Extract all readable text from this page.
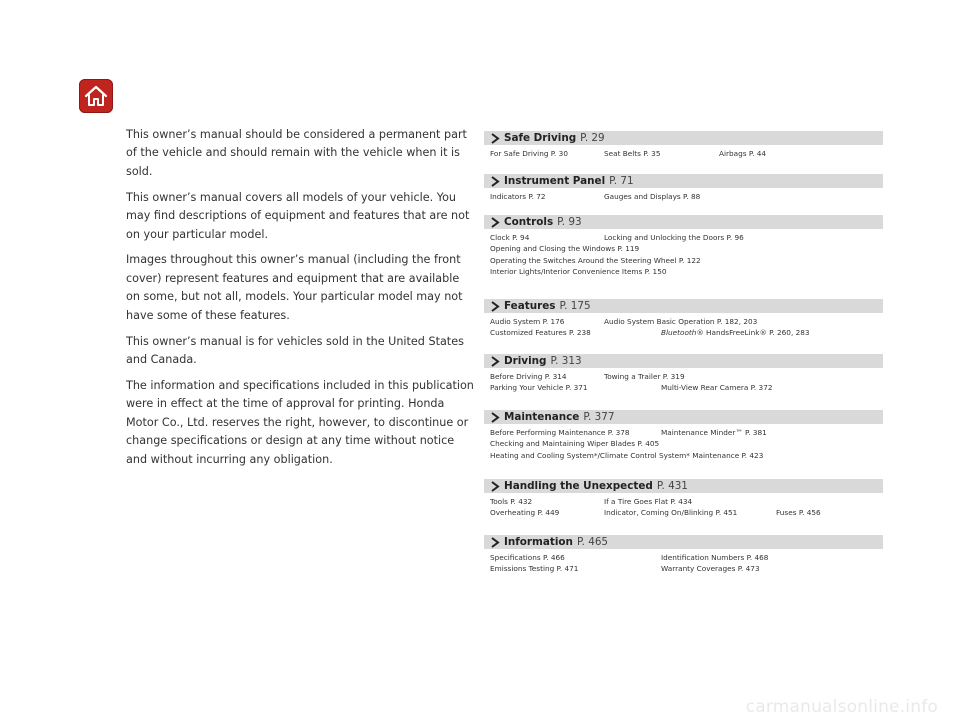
This owner’s manual should be considered a permanent part of the vehicle and should remain with the vehicle when it is sold.

This owner’s manual covers all models of your vehicle. You may find descriptions of equipment and features that are not on your particular model.

Images throughout this owner’s manual (including the front cover) represent features and equipment that are available on some, but not all, models. Your particular model may not have some of these features.

This owner’s manual is for vehicles sold in the United States and Canada.

The information and specifications included in this publication were in effect at the time of approval for printing. Honda Motor Co., Ltd. reserves the right, however, to discontinue or change specifications or design at any time without notice and without incurring any obligation.

Safe Driving P. 29
For Safe Driving P. 30	Seat Belts P. 35	Airbags P. 44
Instrument Panel P. 71
Indicators P. 72	Gauges and Displays P. 88
Controls P. 93
Clock P. 94	Locking and Unlocking the Doors P. 96
Opening and Closing the Windows P. 119
Operating the Switches Around the Steering Wheel P. 122
Interior Lights/Interior Convenience Items P. 150
Features P. 175
Audio System P. 176	Audio System Basic Operation P. 182, 203
Customized Features P. 238	Bluetooth® HandsFreeLink® P. 260, 283
Driving P. 313
Before Driving P. 314	Towing a Trailer P. 319
Parking Your Vehicle P. 371	Multi-View Rear Camera P. 372
Maintenance P. 377
Before Performing Maintenance P. 378	Maintenance Minder™ P. 381
Checking and Maintaining Wiper Blades P. 405
Heating and Cooling System*/Climate Control System* Maintenance P. 423
Handling the Unexpected P. 431
Tools P. 432	If a Tire Goes Flat P. 434
Overheating P. 449	Indicator, Coming On/Blinking P. 451	Fuses P. 456
Information P. 465
Specifications P. 466	Identification Numbers P. 468
Emissions Testing P. 471	Warranty Coverages P. 473
carmanualsonline.info
